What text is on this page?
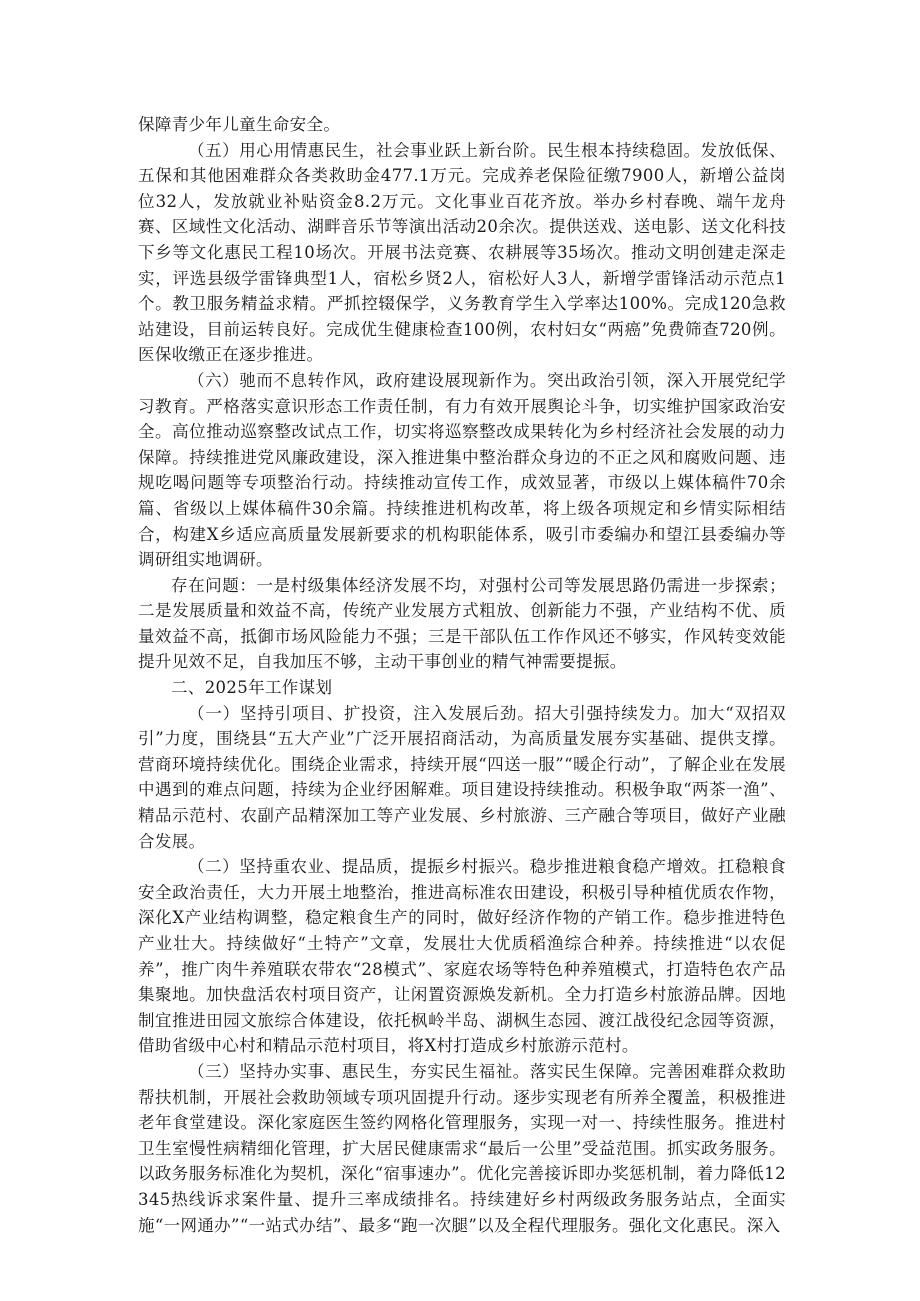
保障青少年儿童生命安全。

（五）用心用情惠民生，社会事业跃上新台阶。民生根本持续稳固。发放低保、五保和其他困难群众各类救助金477.1万元。完成养老保险征缴7900人，新增公益岗位32人，发放就业补贴资金8.2万元。文化事业百花齐放。举办乡村春晚、端午龙舟赛、区域性文化活动、湖畔音乐节等演出活动20余次。提供送戏、送电影、送文化科技下乡等文化惠民工程10场次。开展书法竞赛、农耕展等35场次。推动文明创建走深走实，评选县级学雷锋典型1人，宿松乡贤2人，宿松好人3人，新增学雷锋活动示范点1个。教卫服务精益求精。严抓控辍保学，义务教育学生入学率达100%。完成120急救站建设，目前运转良好。完成优生健康检查100例，农村妇女“两癌”免费筛查720例。医保收缴正在逐步推进。

（六）驰而不息转作风，政府建设展现新作为。突出政治引领，深入开展党纪学习教育。严格落实意识形态工作责任制，有力有效开展舆论斗争，切实维护国家政治安全。高位推动巡察整改试点工作，切实将巡察整改成果转化为乡村经济社会发展的动力保障。持续推进党风廉政建设，深入推进集中整治群众身边的不正之风和腐败问题、违规吃喝问题等专项整治行动。持续推动宣传工作，成效显著，市级以上媒体稿件70余篇、省级以上媒体稿件30余篇。持续推进机构改革，将上级各项规定和乡情实际相结合，构建X乡适应高质量发展新要求的机构职能体系，吸引市委编办和望江县委编办等调研组实地调研。

存在问题：一是村级集体经济发展不均，对强村公司等发展思路仍需进一步探索；二是发展质量和效益不高，传统产业发展方式粗放、创新能力不强，产业结构不优、质量效益不高，抵御市场风险能力不强；三是干部队伍工作作风还不够实，作风转变效能提升见效不足，自我加压不够，主动干事创业的精气神需要提振。

二、2025年工作谋划

（一）坚持引项目、扩投资，注入发展后劲。招大引强持续发力。加大“双招双引”力度，围绕县“五大产业”广泛开展招商活动，为高质量发展夯实基础、提供支撑。营商环境持续优化。围绕企业需求，持续开展“四送一服”“暖企行动”，了解企业在发展中遇到的难点问题，持续为企业纾困解难。项目建设持续推动。积极争取“两茶一渔”、精品示范村、农副产品精深加工等产业发展、乡村旅游、三产融合等项目，做好产业融合发展。

（二）坚持重农业、提品质，提振乡村振兴。稳步推进粮食稳产增效。扛稳粮食安全政治责任，大力开展土地整治，推进高标准农田建设，积极引导种植优质农作物，深化X产业结构调整，稳定粮食生产的同时，做好经济作物的产销工作。稳步推进特色产业壮大。持续做好“土特产”文章，发展壮大优质稻渔综合种养。持续推进“以农促养”，推广肉牛养殖联农带农“28模式”、家庭农场等特色种养殖模式，打造特色农产品集聚地。加快盘活农村项目资产，让闲置资源焕发新机。全力打造乡村旅游品牌。因地制宜推进田园文旅综合体建设，依托枫岭半岛、湖枫生态园、渡江战役纪念园等资源，借助省级中心村和精品示范村项目，将X村打造成乡村旅游示范村。

（三）坚持办实事、惠民生，夯实民生福祉。落实民生保障。完善困难群众救助帮扶机制，开展社会救助领域专项巩固提升行动。逐步实现老有所养全覆盖，积极推进老年食堂建设。深化家庭医生签约网格化管理服务，实现一对一、持续性服务。推进村卫生室慢性病精细化管理，扩大居民健康需求“最后一公里”受益范围。抓实政务服务。以政务服务标准化为契机，深化“宿事速办”。优化完善接诉即办奖惩机制，着力降低12345热线诉求案件量、提升三率成绩排名。持续建好乡村两级政务服务站点，全面实施“一网通办”“一站式办结”、最多“跑一次腿”以及全程代理服务。强化文化惠民。深入
